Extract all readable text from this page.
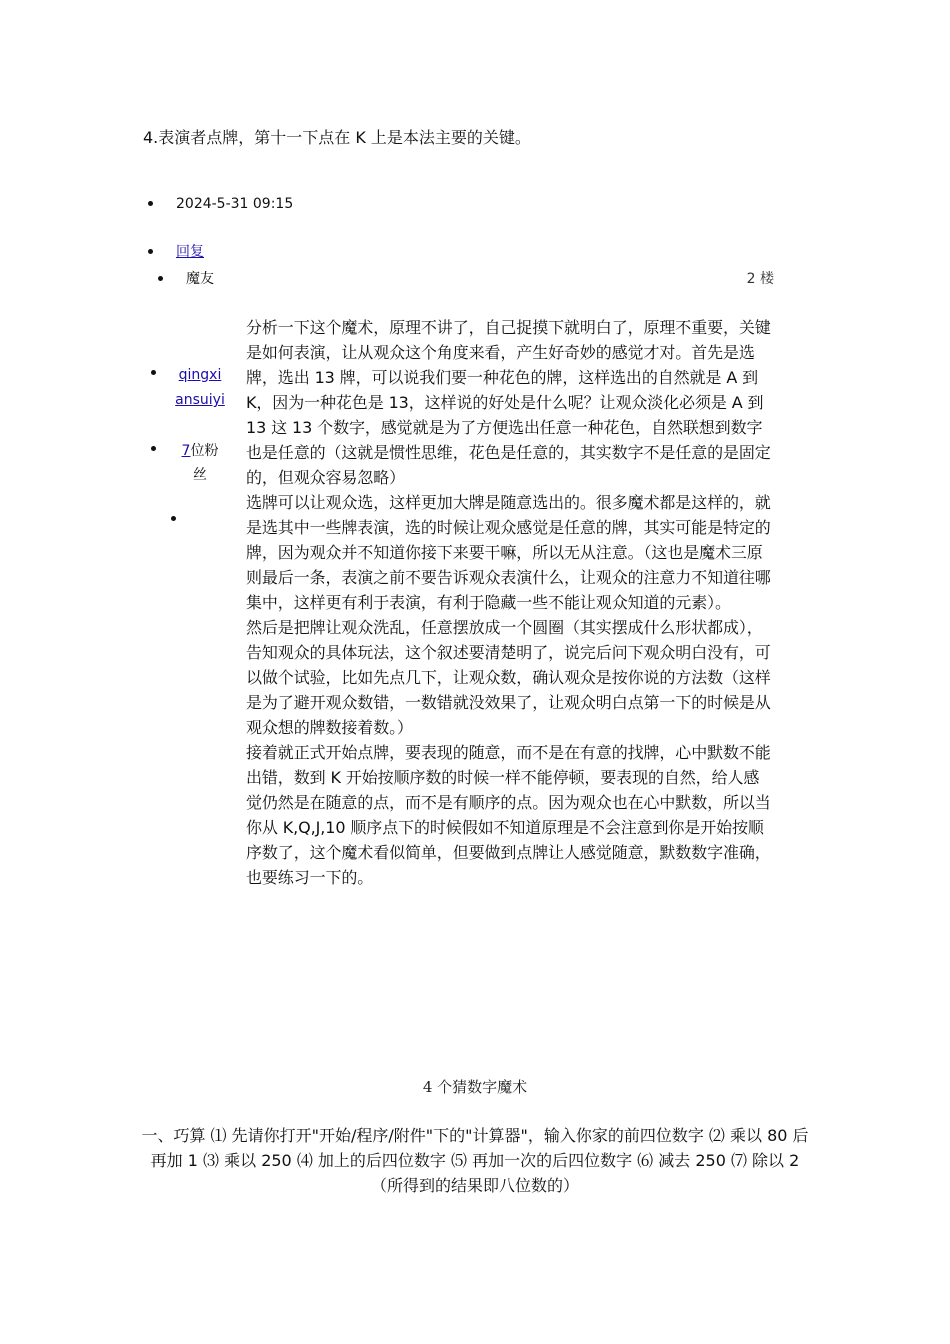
4.表演者点牌，第十一下点在 K 上是本法主要的关键。
2024-5-31 09:15
回复
魔友	2 楼
qingxiansuiyi
7位粉丝

分析一下这个魔术，原理不讲了，自己捉摸下就明白了，原理不重要，关键是如何表演，让从观众这个角度来看，产生好奇妙的感觉才对。首先是选牌，选出 13 牌，可以说我们要一种花色的牌，这样选出的自然就是 A 到 K，因为一种花色是 13，这样说的好处是什么呢？让观众淡化必须是 A 到 13 这 13 个数字，感觉就是为了方便选出任意一种花色，自然联想到数字也是任意的（这就是惯性思维，花色是任意的，其实数字不是任意的是固定的，但观众容易忽略）

选牌可以让观众选，这样更加大牌是随意选出的。很多魔术都是这样的，就是选其中一些牌表演，选的时候让观众感觉是任意的牌，其实可能是特定的牌，因为观众并不知道你接下来要干嘛，所以无从注意。（这也是魔术三原则最后一条，表演之前不要告诉观众表演什么，让观众的注意力不知道往哪集中，这样更有利于表演，有利于隐藏一些不能让观众知道的元素）。

然后是把牌让观众洗乱，任意摆放成一个圆圈（其实摆成什么形状都成），告知观众的具体玩法，这个叙述要清楚明了，说完后问下观众明白没有，可以做个试验，比如先点几下，让观众数，确认观众是按你说的方法数（这样是为了避开观众数错，一数错就没效果了，让观众明白点第一下的时候是从观众想的牌数接着数。）

接着就正式开始点牌，要表现的随意，而不是在有意的找牌，心中默数不能出错，数到 K 开始按顺序数的时候一样不能停顿，要表现的自然，给人感觉仍然是在随意的点，而不是有顺序的点。因为观众也在心中默数，所以当你从 K,Q,J,10 顺序点下的时候假如不知道原理是不会注意到你是开始按顺序数了，这个魔术看似简单，但要做到点牌让人感觉随意，默数数字准确，也要练习一下的。

4 个猜数字魔术
一、巧算 ⑴ 先请你打开"开始/程序/附件"下的"计算器"，输入你家的前四位数字 ⑵ 乘以 80 后再加 1 ⑶ 乘以 250 ⑷ 加上的后四位数字 ⑸ 再加一次的后四位数字 ⑹ 减去 250 ⑺ 除以 2（所得到的结果即八位数的）
